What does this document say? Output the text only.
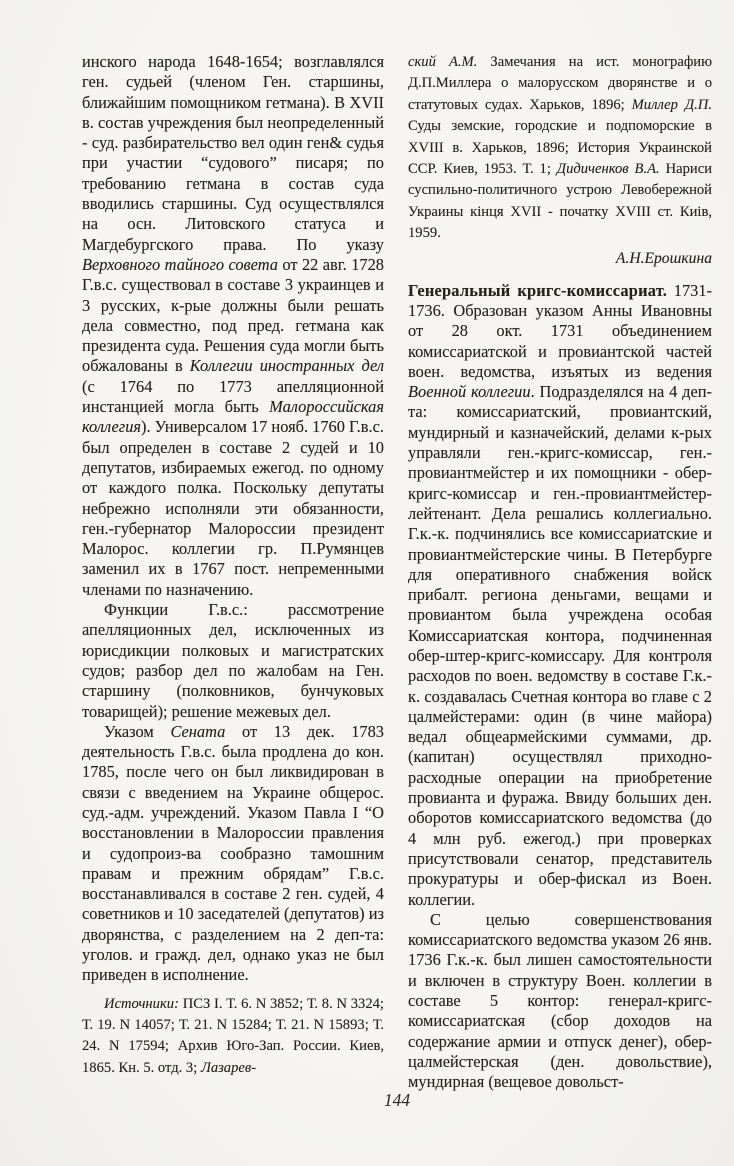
инского народа 1648-1654; возглавлялся ген. судьей (членом Ген. старшины, ближайшим помощником гетмана). В XVII в. состав учреждения был неопределенный - суд. разбирательство вел один ген& судья при участии “судового” писаря; по требованию гетмана в состав суда вводились старшины. Суд осуществлялся на осн. Литовского статуса и Магдебургского права. По указу Верховного тайного совета от 22 авг. 1728 Г.в.с. существовал в составе 3 украинцев и 3 русских, к-рые должны были решать дела совместно, под пред. гетмана как президента суда. Решения суда могли быть обжалованы в Коллегии иностранных дел (с 1764 по 1773 апелляционной инстанцией могла быть Малороссийская коллегия). Универсалом 17 нояб. 1760 Г.в.с. был определен в составе 2 судей и 10 депутатов, избираемых ежегод. по одному от каждого полка. Поскольку депутаты небрежно исполняли эти обязанности, ген.-губернатор Малороссии президент Малорос. коллегии гр. П.Румянцев заменил их в 1767 пост. непременными членами по назначению.

Функции Г.в.с.: рассмотрение апелляционных дел, исключенных из юрисдикции полковых и магистратских судов; разбор дел по жалобам на Ген. старшину (полковников, бунчуковых товарищей); решение межевых дел.

Указом Сената от 13 дек. 1783 деятельность Г.в.с. была продлена до кон. 1785, после чего он был ликвидирован в связи с введением на Украине общерос. суд.-адм. учреждений. Указом Павла I “О восстановлении в Малороссии правления и судопроиз-ва сообразно тамошним правам и прежним обрядам” Г.в.с. восстанавливался в составе 2 ген. судей, 4 советников и 10 заседателей (депутатов) из дворянства, с разделением на 2 деп-та: уголов. и гражд. дел, однако указ не был приведен в исполнение.

Источники: ПСЗ I. Т. 6. N 3852; Т. 8. N 3324; Т. 19. N 14057; Т. 21. N 15284; Т. 21. N 15893; Т. 24. N 17594; Архив Юго-Зап. России. Киев, 1865. Кн. 5. отд. 3; Лазарев-

ский А.М. Замечания на ист. монографию Д.П.Миллера о малорусском дворянстве и о статутовых судах. Харьков, 1896; Миллер Д.П. Суды земские, городские и подпоморские в XVIII в. Харьков, 1896; История Украинской ССР. Киев, 1953. Т. 1; Дидиченков В.А. Нариси суспильно-политичного устрою Левобережной Украины кінця XVII - початку XVIII ст. Киів, 1959.

А.Н.Ерошкина

Генеральный кригс-комиссариат. 1731-1736. Образован указом Анны Ивановны от 28 окт. 1731 объединением комиссариатской и провиантской частей воен. ведомства, изъятых из ведения Военной коллегии. Подразделялся на 4 деп-та: комиссариатский, провиантский, мундирный и казначейский, делами к-рых управляли ген.-кригс-комиссар, ген.-провиантмейстер и их помощники - обер-кригс-комиссар и ген.-провиантмейстер-лейтенант. Дела решались коллегиально. Г.к.-к. подчинялись все комиссариатские и провиантмейстерские чины. В Петербурге для оперативного снабжения войск прибалт. региона деньгами, вещами и провиантом была учреждена особая Комиссариатская контора, подчиненная обер-штер-кригс-комиссару. Для контроля расходов по воен. ведомству в составе Г.к.-к. создавалась Счетная контора во главе с 2 цалмейстерами: один (в чине майора) ведал общеармейскими суммами, др. (капитан) осуществлял приходно-расходные операции на приобретение провианта и фуража. Ввиду больших ден. оборотов комиссариатского ведомства (до 4 млн руб. ежегод.) при проверках присутствовали сенатор, представитель прокуратуры и обер-фискал из Воен. коллегии.

С целью совершенствования комиссариатского ведомства указом 26 янв. 1736 Г.к.-к. был лишен самостоятельности и включен в структуру Воен. коллегии в составе 5 контор: генерал-кригс-комиссариатская (сбор доходов на содержание армии и отпуск денег), обер-цалмейстерская (ден. довольствие), мундирная (вещевое довольст-

144
